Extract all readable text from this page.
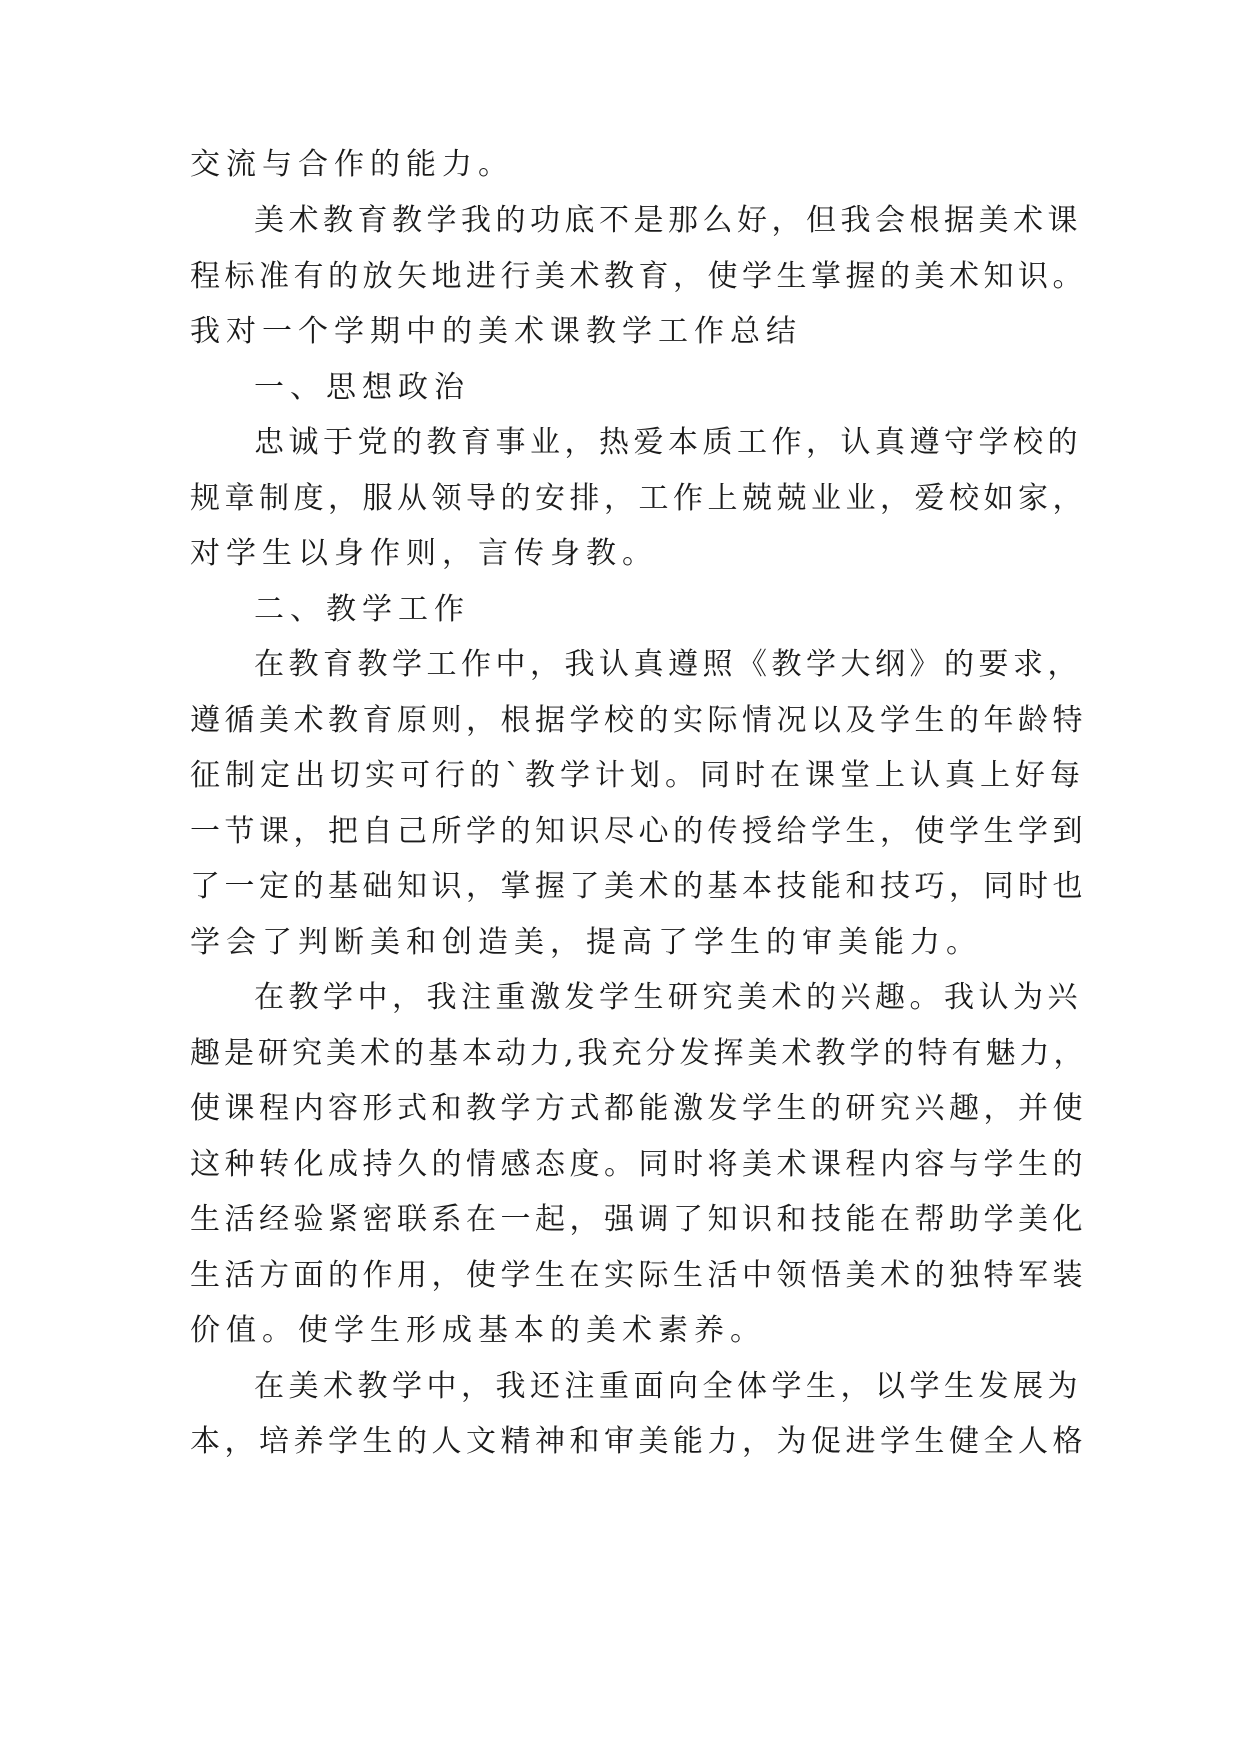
交流与合作的能力。
美术教育教学我的功底不是那么好，但我会根据美术课
程标准有的放矢地进行美术教育，使学生掌握的美术知识。
我对一个学期中的美术课教学工作总结
一、思想政治
忠诚于党的教育事业，热爱本质工作，认真遵守学校的
规章制度，服从领导的安排，工作上兢兢业业，爱校如家，
对学生以身作则，言传身教。
二、教学工作
在教育教学工作中，我认真遵照《教学大纲》的要求，
遵循美术教育原则，根据学校的实际情况以及学生的年龄特
征制定出切实可行的`教学计划。同时在课堂上认真上好每
一节课，把自己所学的知识尽心的传授给学生，使学生学到
了一定的基础知识，掌握了美术的基本技能和技巧，同时也
学会了判断美和创造美，提高了学生的审美能力。
在教学中，我注重激发学生研究美术的兴趣。我认为兴
趣是研究美术的基本动力,我充分发挥美术教学的特有魅力，
使课程内容形式和教学方式都能激发学生的研究兴趣，并使
这种转化成持久的情感态度。同时将美术课程内容与学生的
生活经验紧密联系在一起，强调了知识和技能在帮助学美化
生活方面的作用，使学生在实际生活中领悟美术的独特军装
价值。使学生形成基本的美术素养。
在美术教学中，我还注重面向全体学生，以学生发展为
本，培养学生的人文精神和审美能力，为促进学生健全人格
